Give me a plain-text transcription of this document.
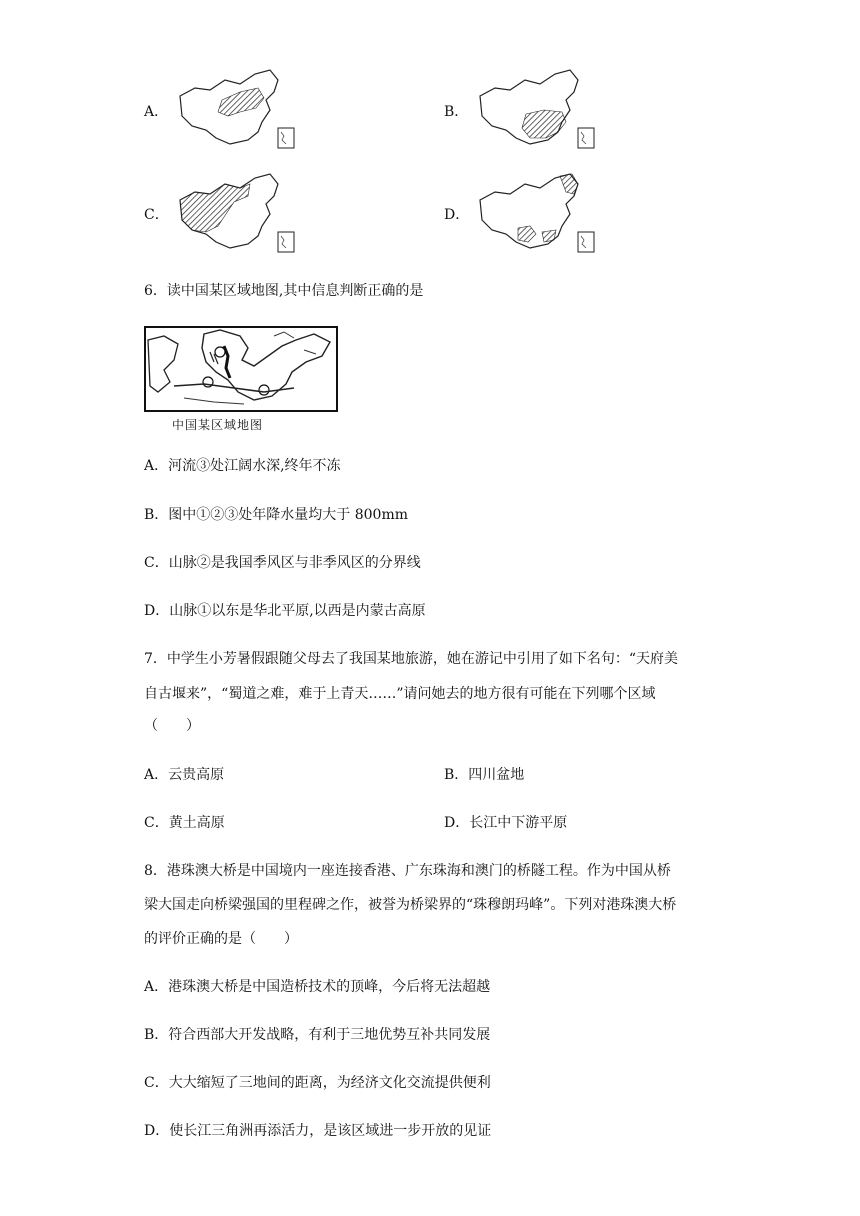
A．	B．
C．	D．
6．读中国某区域地图,其中信息判断正确的是
中国某区域地图
A．河流③处江阔水深,终年不冻
B．图中①②③处年降水量均大于 800mm
C．山脉②是我国季风区与非季风区的分界线
D．山脉①以东是华北平原,以西是内蒙古高原
7．中学生小芳暑假跟随父母去了我国某地旅游，她在游记中引用了如下名句：“天府美
自古堰来”，“蜀道之难，难于上青天……”请问她去的地方很有可能在下列哪个区域
（　　）
A．云贵高原	B．四川盆地
C．黄土高原	D．长江中下游平原
8．港珠澳大桥是中国境内一座连接香港、广东珠海和澳门的桥隧工程。作为中国从桥
梁大国走向桥梁强国的里程碑之作，被誉为桥梁界的“珠穆朗玛峰”。下列对港珠澳大桥
的评价正确的是（　　）
A．港珠澳大桥是中国造桥技术的顶峰，今后将无法超越
B．符合西部大开发战略，有利于三地优势互补共同发展
C．大大缩短了三地间的距离，为经济文化交流提供便利
D．使长江三角洲再添活力，是该区域进一步开放的见证
